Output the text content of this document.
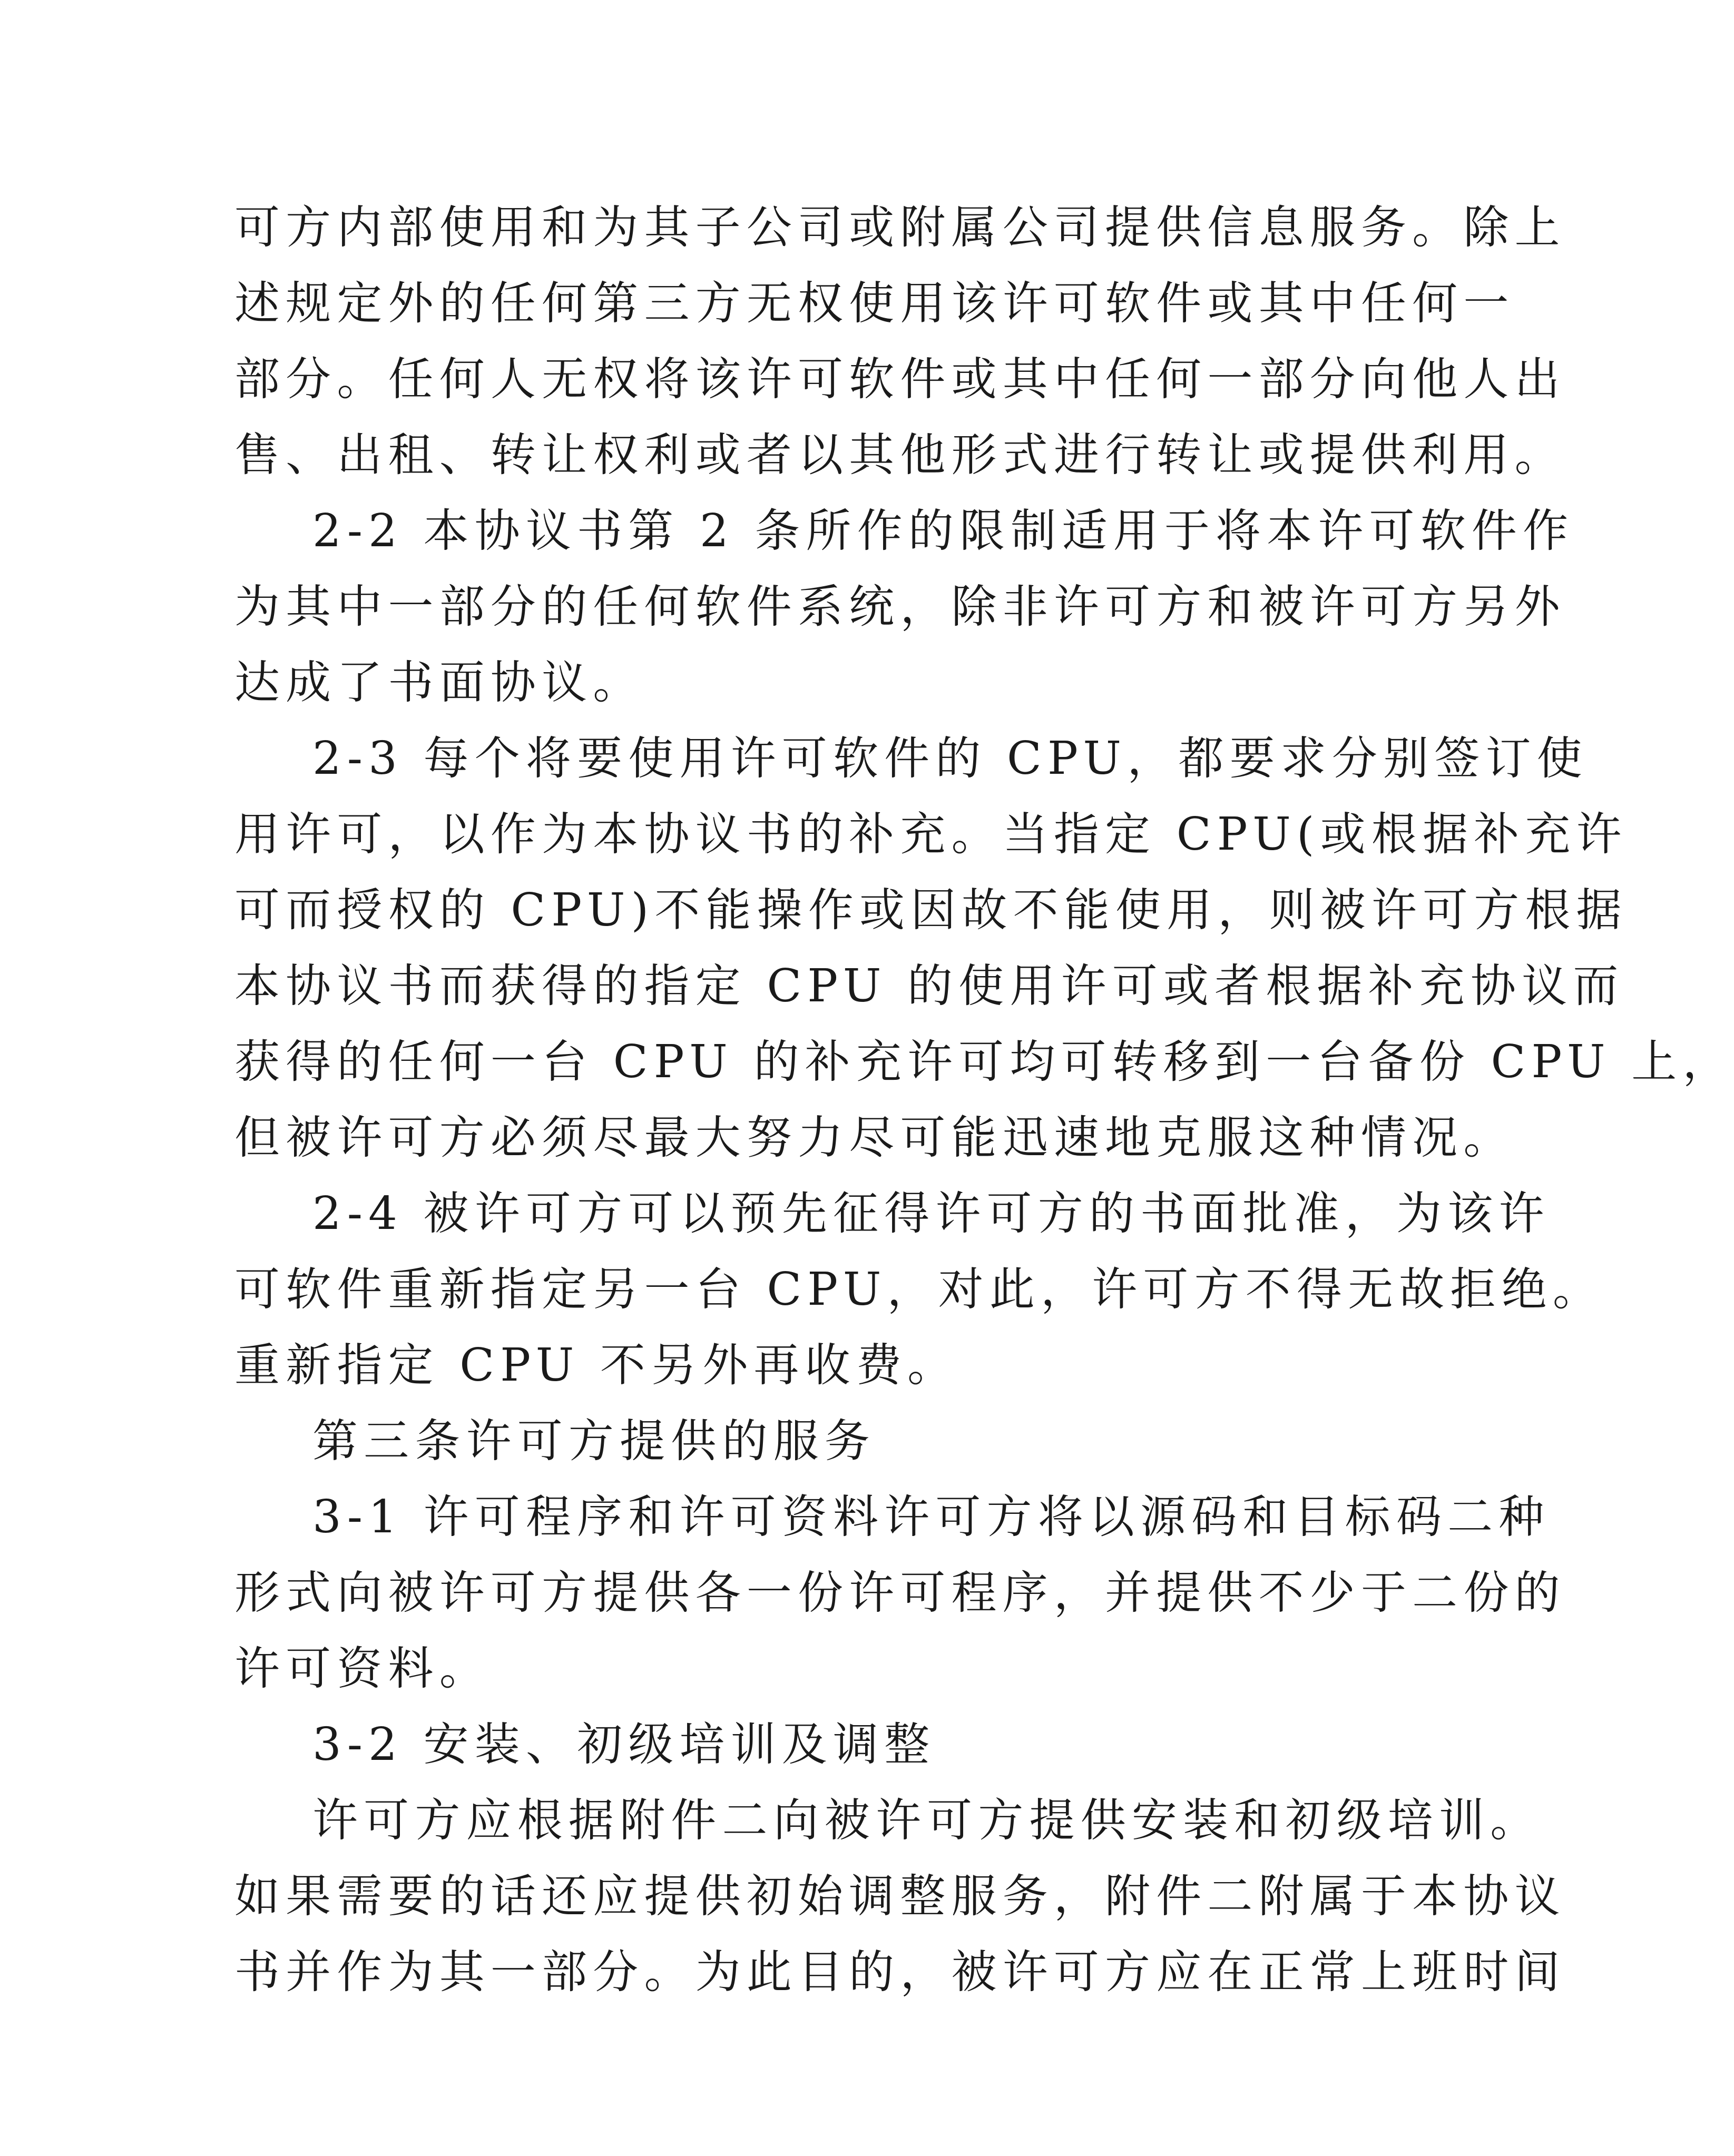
可方内部使用和为其子公司或附属公司提供信息服务。除上
述规定外的任何第三方无权使用该许可软件或其中任何一
部分。任何人无权将该许可软件或其中任何一部分向他人出
售、出租、转让权利或者以其他形式进行转让或提供利用。
2-2 本协议书第 2 条所作的限制适用于将本许可软件作
为其中一部分的任何软件系统，除非许可方和被许可方另外
达成了书面协议。
2-3 每个将要使用许可软件的 CPU，都要求分别签订使
用许可，以作为本协议书的补充。当指定 CPU(或根据补充许
可而授权的 CPU)不能操作或因故不能使用，则被许可方根据
本协议书而获得的指定 CPU 的使用许可或者根据补充协议而
获得的任何一台 CPU 的补充许可均可转移到一台备份 CPU 上，
但被许可方必须尽最大努力尽可能迅速地克服这种情况。
2-4 被许可方可以预先征得许可方的书面批准，为该许
可软件重新指定另一台 CPU，对此，许可方不得无故拒绝。
重新指定 CPU 不另外再收费。
第三条许可方提供的服务
3-1 许可程序和许可资料许可方将以源码和目标码二种
形式向被许可方提供各一份许可程序，并提供不少于二份的
许可资料。
3-2 安装、初级培训及调整
许可方应根据附件二向被许可方提供安装和初级培训。
如果需要的话还应提供初始调整服务，附件二附属于本协议
书并作为其一部分。为此目的，被许可方应在正常上班时间
